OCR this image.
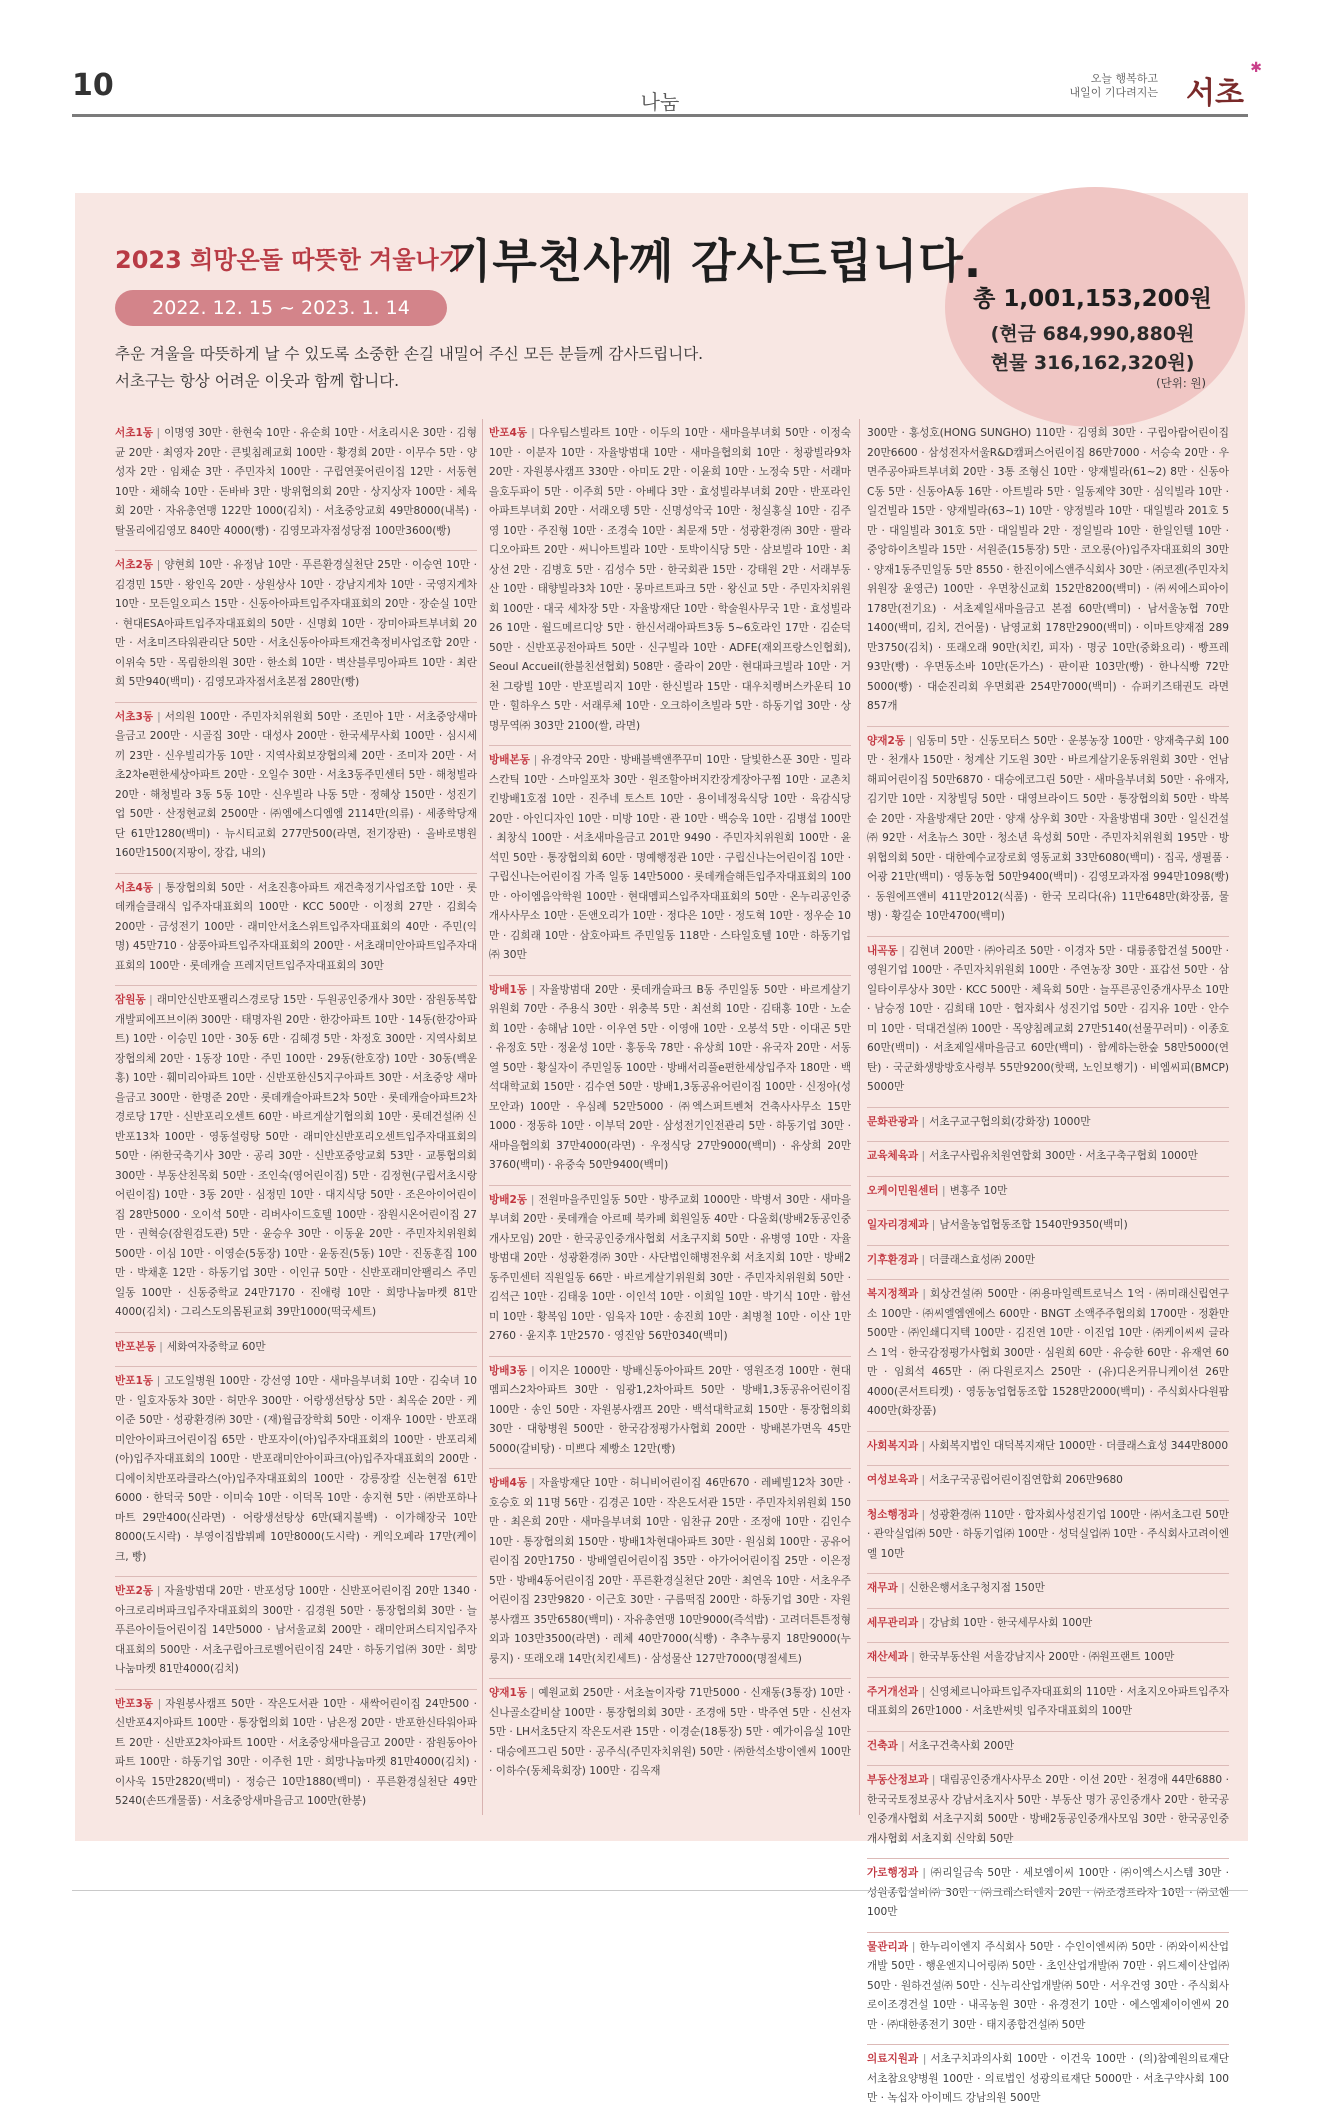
10	나눔
오늘 행복하고
내일이 기다려지는 서초
✱
2023 희망온돌 따뜻한 겨울나기
기부천사께 감사드립니다.
2022. 12. 15 ~ 2023. 1. 14
추운 겨울을 따뜻하게 날 수 있도록 소중한 손길 내밀어 주신 모든 분들께 감사드립니다.
서초구는 항상 어려운 이웃과 함께 합니다.
총 1,001,153,200원
(현금 684,990,880원
현물 316,162,320원)
(단위: 원)
서초1동 | 이명영 30만 · 한현숙 10만 · 유순희 10만 · 서초리시온 30만 · 김형균 20만 · 최영자 20만 · 큰빛침례교회 100만 · 황경희 20만 · 이무수 5만 · 양성자 2만 · 임채순 3만 · 주민자치 100만 · 구립연꽃어린이집 12만 · 서동현 10만 · 채해숙 10만 · 돈바바 3만 · 방위협의회 20만 · 상지상자 100만 · 체육회 20만 · 자유총연맹 122만 1000(김치) · 서초중앙교회 49만8000(내복) · 탈몰리에김영모 840만 4000(빵) · 김영모과자점성당점 100만3600(빵)
서초2동 | 양현희 10만 · 유정남 10만 · 푸른환경실천단 25만 · 이승연 10만 · 김경민 15만 · 왕인옥 20만 · 상원상사 10만 · 강남지게차 10만 · 국영지게차 10만 · 모든일오피스 15만 · 신동아아파트입주자대표회의 20만 · 장순실 10만 · 현대ESA아파트입주자대표회의 50만 · 신명회 10만 · 장미아파트부녀회 20만 · 서초미즈타워관리단 50만 · 서초신동아아파트재건축정비사업조합 20만 · 이위숙 5만 · 목림한의원 30만 · 한소희 10만 · 벽산블루밍아파트 10만 · 최란희 5만940(백미) · 김영모과자점서초본점 280만(빵)
서초3동 | 서의원 100만 · 주민자치위원회 50만 · 조민아 1만 · 서초중앙새마을금고 200만 · 시골집 30만 · 대성사 200만 · 한국세무사회 100만 · 심시세끼 23만 · 신우빌리가동 10만 · 지역사회보장협의체 20만 · 조미자 20만 · 서초2차e편한세상아파트 20만 · 오일수 30만 · 서초3동주민센터 5만 · 해청빌라 20만 · 해청빌라 3동 5동 10만 · 신우빌라 나동 5만 · 정혜상 150만 · 성진기업 50만 · 산정현교회 2500만 · ㈜엠에스디엠엠 2114만(의류) · 세종학당재단 61만1280(백미) · 뉴시티교회 277만500(라면, 전기장판) · 올바로병원 160만1500(지팡이, 장갑, 내의)
서초4동 | 통장협의회 50만 · 서초진흥아파트 재건축정기사업조합 10만 · 롯데캐슬클래식 입주자대표회의 100만 · KCC 500만 · 이정희 27만 · 김희숙 200만 · 금성전기 100만 · 래미안서초스위트입주자대표회의 40만 · 주민(익명) 45만710 · 삼풍아파트입주자대표회의 200만 · 서초래미안아파트입주자대표회의 100만 · 롯데캐슬 프레지던트입주자대표회의 30만
잠원동 | 래미안신반포팰리스경로당 15만 · 두원공인중개사 30만 · 잠원동복합개발피에프브이㈜ 300만 · 태명자원 20만 · 한강아파트 10만 · 14동(한강아파트) 10만 · 이승민 10만 · 30동 6만 · 김혜경 5만 · 차정호 300만 · 지역사회보장협의체 20만 · 1동장 10만 · 주민 100만 · 29동(한호장) 10만 · 30동(백운홍) 10만 · 훼미리아파트 10만 · 신반포한신5지구아파트 30만 · 서초중앙 새마을금고 300만 · 한명준 20만 · 롯데캐슬아파트2차 50만 · 롯데캐슬아파트2차 경로당 17만 · 신반포리오센트 60만 · 바르게살기협의회 10만 · 롯데건설㈜ 신반포13차 100만 · 영동설렁탕 50만 · 래미안신반포리오센트입주자대표회의 50만 · ㈜한국축기사 30만 · 공리 30만 · 신반포중앙교회 53만 · 교통협의회 300만 · 부동산친목회 50만 · 조인숙(영어린이집) 5만 · 김정현(구립서초시랑어린이집) 10만 · 3동 20만 · 심정민 10만 · 대지식당 50만 · 조은아이어린이집 28만5000 · 오이석 50만 · 리버사이드호텔 100만 · 잠원시온어린이집 27만 · 권혁승(잠원검도관) 5만 · 윤승우 30만 · 이동윤 20만 · 주민자치위원회 500만 · 이심 10만 · 이영순(5동장) 10만 · 윤동진(5동) 10만 · 진동훈집 100만 · 박채훈 12만 · 하동기업 30만 · 이인규 50만 · 신반포래미안팰리스 주민 일동 100만 · 신동중학교 24만7170 · 진애령 10만 · 희망나눔마켓 81만4000(김치) · 그리스도의몸된교회 39만1000(떡국세트)
반포본동 | 세화여자중학교 60만
반포1동 | 고도일병원 100만 · 강선영 10만 · 새마을부녀회 10만 · 김숙녀 10만 · 일호자동차 30만 · 허만우 300만 · 어랑생선탕상 5만 · 최옥순 20만 · 케이준 50만 · 성광환경㈜ 30만 · (재)월급장학회 50만 · 이재우 100만 · 반포래미안아이파크어린이집 65만 · 반포자이(아)입주자대표회의 100만 · 반포리체(아)입주자대표회의 100만 · 반포래미안아이파크(아)입주자대표회의 200만 · 디에이치반포라클라스(아)입주자대표회의 100만 · 강릉장칼 신논현점 61만6000 · 한덕국 50만 · 이미숙 10만 · 이덕목 10만 · 송지현 5만 · ㈜반포하나마트 29만400(신라면) · 어랑생선탕상 6만(돼지불백) · 이가해장국 10만8000(도시락) · 부영이집밥뷔페 10만8000(도시락) · 케익오페라 17만(케이크, 빵)
반포2동 | 자율방범대 20만 · 반포성당 100만 · 신반포어린이집 20만 1340 · 아크로리버파크입주자대표회의 300만 · 김경원 50만 · 통장협의회 30만 · 늘푸른아이들어린이집 14만5000 · 남서울교회 200만 · 래미안퍼스티지입주자대표회의 500만 · 서초구립아크로벨어린이집 24만 · 하동기업㈜ 30만 · 희망나눔마켓 81만4000(김치)
반포3동 | 자원봉사캠프 50만 · 작은도서관 10만 · 새싹어린이집 24만500 · 신반포4지아파트 100만 · 통장협의회 10만 · 남은정 20만 · 반포한신타워아파트 20만 · 신반포2차아파트 100만 · 서초중앙새마을금고 200만 · 잠원동아아파트 100만 · 하동기업 30만 · 이주헌 1만 · 희망나눔마켓 81만4000(김치) · 이사욱 15만2820(백미) · 정승근 10만1880(백미) · 푸른환경실천단 49만5240(손뜨개물품) · 서초중앙새마을금고 100만(한봉)
반포4동 | 다우팀스빌라트 10만 · 이두의 10만 · 새마을부녀회 50만 · 이정숙 10만 · 이분자 10만 · 자율방범대 10만 · 새마을협의회 10만 · 청광빌라9차 20만 · 자원봉사캠프 330만 · 아미도 2만 · 이윤희 10만 · 노정숙 5만 · 서래마을호두파이 5만 · 이주희 5만 · 아베다 3만 · 효성빌라부녀회 20만 · 반포라인아파트부녀회 20만 · 서래오뎅 5만 · 신명성악국 10만 · 청실홍실 10만 · 김주영 10만 · 주진형 10만 · 조경숙 10만 · 최문재 5만 · 성광환경㈜ 30만 · 팔라디오아파트 20만 · 써니아트빌라 10만 · 토박이식당 5만 · 삼보빌라 10만 · 최상선 2만 · 김병호 5만 · 김성수 5만 · 한국회관 15만 · 강태원 2만 · 서래부동산 10만 · 태향빌라3차 10만 · 몽마르트파크 5만 · 왕신교 5만 · 주민자치위원회 100만 · 대국 세차장 5만 · 자율방재단 10만 · 학술원사무국 1만 · 효성빌라26 10만 · 월드메르디앙 5만 · 한신서래아파트3동 5~6호라인 17만 · 김순덕 50만 · 신반포공전아파트 50만 · 신구빌라 10만 · ADFE(재외프랑스인협회), Seoul Accueil(한불친선협회) 508만 · 줄라이 20만 · 현대파크빌라 10만 · 거천 그랑빌 10만 · 반포빌리지 10만 · 한신빌라 15만 · 대우치렝버스카운티 10만 · 힐하우스 5만 · 서래루체 10만 · 오크하이츠빌라 5만 · 하동기업 30만 · 상명무역㈜ 303만 2100(쌀, 라면)
방배본동 | 유경약국 20만 · 방배블백앤쭈꾸미 10만 · 달빛한스푼 30만 · 밀라스칸틱 10만 · 스마일포차 30만 · 원조할아버지칸장게장아구찜 10만 · 교촌치킨방배1호점 10만 · 진주네 토스트 10만 · 용이네정육식당 10만 · 육감식당 20만 · 아인디자인 10만 · 미방 10만 · 관 10만 · 백승욱 10만 · 김병섭 100만 · 최창식 100만 · 서초새마을금고 201만 9490 · 주민자치위원회 100만 · 윤석민 50만 · 통장협의회 60만 · 명예행정관 10만 · 구립신나는어린이집 10만 · 구립신나는어린이집 가족 일동 14만5000 · 롯데캐슬해든입주자대표회의 100만 · 아이엠음악학원 100만 · 현대멤피스입주자대표회의 50만 · 온누리공인중개사사무소 10만 · 돈앤오리가 10만 · 정다은 10만 · 정도혁 10만 · 정우순 10만 · 김희래 10만 · 삼호아파트 주민일동 118만 · 스타일호텔 10만 · 하동기업㈜ 30만
방배1동 | 자율방범대 20만 · 롯데캐슬파크 B동 주민일동 50만 · 바르게살기 위원회 70만 · 주용식 30만 · 위충복 5만 · 최선희 10만 · 김태홍 10만 · 노순희 10만 · 송해남 10만 · 이우연 5만 · 이영애 10만 · 오봉석 5만 · 이대곤 5만 · 유정호 5만 · 정윤성 10만 · 홍동욱 78만 · 유상희 10만 · 유국자 20만 · 서동열 50만 · 황실자이 주민일동 100만 · 방배서리풀e편한세상입주자 180만 · 백석대학교회 150만 · 김수연 50만 · 방배1,3동공유어린이집 100만 · 신정아(성모안과) 100만 · 우심례 52만5000 · ㈜엑스퍼트벤처 건축사사무소 15만1000 · 정동하 10만 · 이부덕 20만 · 삼성전기인전관리 5만 · 하동기업 30만 · 새마을협의회 37만4000(라면) · 우정식당 27만9000(백미) · 유상희 20만3760(백미) · 유중숙 50만9400(백미)
방배2동 | 전원마을주민일동 50만 · 방주교회 1000만 · 박병서 30만 · 새마을부녀회 20만 · 롯데캐슬 아르떼 북카페 회원일동 40만 · 다올회(방배2동공인중개사모임) 20만 · 한국공인중개사협회 서초구지회 50만 · 유병영 10만 · 자율방범대 20만 · 성광환경㈜ 30만 · 사단법인해병전우회 서초지회 10만 · 방배2동주민센터 직원일동 66만 · 바르게살기위원회 30만 · 주민자치위원회 50만 · 김석근 10만 · 김태웅 10만 · 이인석 10만 · 이희일 10만 · 박기식 10만 · 함선미 10만 · 황복임 10만 · 임육자 10만 · 송진희 10만 · 최병철 10만 · 이산 1만2760 · 윤지후 1만2570 · 영진암 56만0340(백미)
방배3동 | 이지은 1000만 · 방배신동아아파트 20만 · 영원조경 100만 · 현대멤피스2차아파트 30만 · 임광1,2차아파트 50만 · 방배1,3동공유어린이집 100만 · 송인 50만 · 자원봉사캠프 20만 · 백석대학교회 150만 · 통장협의회 30만 · 대항병원 500만 · 한국감정평가사협회 200만 · 방배본가면옥 45만5000(갈비탕) · 미쁘다 제빵소 12만(빵)
방배4동 | 자율방재단 10만 · 허니비어린이집 46만670 · 레베빌12차 30만 · 호승호 외 11명 56만 · 김경곤 10만 · 작은도서관 15만 · 주민자치위원회 150만 · 최은희 20만 · 새마을부녀회 10만 · 임찬규 20만 · 조정애 10만 · 김인수 10만 · 통장협의회 150만 · 방배1차현대아파트 30만 · 원심회 100만 · 공유어린이집 20만1750 · 방배열린어린이집 35만 · 아가어어린이집 25만 · 이은정 5만 · 방배4동어린이집 20만 · 푸른환경실천단 20만 · 최연옥 10만 · 서초우주어린이집 23만9820 · 이근호 30만 · 구름떡집 200만 · 하동기업 30만 · 자원봉사캠프 35만6580(백미) · 자유총연맹 10만9000(즉석밥) · 고려더튼튼정형외과 103만3500(라면) · 레체 40만7000(식빵) · 추추누룽지 18만9000(누룽지) · 또래오래 14만(치킨세트) · 삼성물산 127만7000(명절세트)
양재1동 | 예원교회 250만 · 서초놀이자랑 71만5000 · 신재동(3통장) 10만 · 신나골소갈비살 100만 · 통장협의회 30만 · 조경애 5만 · 박주연 5만 · 신선자 5만 · LH서초5단지 작은도서관 15만 · 이경순(18통장) 5만 · 예가이음실 10만 · 대승에프그린 50만 · 공주식(주민자치위원) 50만 · ㈜한석소방이엔씨 100만 · 이하수(동체육회장) 100만 · 김옥재
300만 · 홍성호(HONG SUNGHO) 110만 · 김영희 30만 · 구립아람어린이집 20만6600 · 삼성전자서울R&D캠퍼스어린이집 86만7000 · 서승숙 20만 · 우면주공아파트부녀회 20만 · 3통 조형신 10만 · 양재빌라(61~2) 8만 · 신동아C동 5만 · 신동아A동 16만 · 아트빌라 5만 · 일동제약 30만 · 심익빌라 10만 · 일건빌라 15만 · 양재빌라(63~1) 10만 · 양정빌라 10만 · 대일빌라 201호 5만 · 대일빌라 301호 5만 · 대일빌라 2만 · 정일빌라 10만 · 한일인텔 10만 · 중앙하이츠빌라 15만 · 서원준(15통장) 5만 · 코오롱(아)입주자대표회의 30만 · 양재1동주민일동 5만 8550 · 한진이에스앤주식회사 30만 · ㈜코젠(주민자치위원장 윤영근) 100만 · 우면창신교회 152만8200(백미) · ㈜씨에스피아이 178만(전기요) · 서초제일새마을금고 본점 60만(백미) · 남서울농협 70만1400(백미, 김치, 건어물) · 남영교회 178만2900(백미) · 이마트양재점 289만3750(김치) · 또래오래 90만(치킨, 피자) · 명궁 10만(중화요리) · 빵프레 93만(빵) · 우면동소바 10만(돈가스) · 판이판 103만(빵) · 한나식빵 72만5000(빵) · 대순진리회 우면회관 254만7000(백미) · 슈퍼키즈태권도 라면 857개
양재2동 | 임동미 5만 · 신동모터스 50만 · 운봉농장 100만 · 양재축구회 100만 · 천개사 150만 · 청계산 기도원 30만 · 바르게살기운동위원회 30만 · 언남해피어린이집 50만6870 · 대승에코그린 50만 · 새마을부녀회 50만 · 유애자, 김기만 10만 · 지창빌딩 50만 · 대영브라이드 50만 · 통장협의회 50만 · 박복순 20만 · 자율방재단 20만 · 양재 상우회 30만 · 자율방범대 30만 · 일신건설㈜ 92만 · 서초뉴스 30만 · 청소년 육성회 50만 · 주민자치위원회 195만 · 방위협의회 50만 · 대한예수교장로회 영동교회 33만6080(백미) · 집곡, 생필품 · 어광 21만(백미) · 영동농협 50만9400(백미) · 김영모과자점 994만1098(빵) · 동원에프앤비 411만2012(식품) · 한국 모리다(유) 11만648만(화장품, 물병) · 황길순 10만4700(백미)
내곡동 | 김현녀 200만 · ㈜아리조 50만 · 이경자 5만 · 대륭종합건설 500만 · 영원기업 100만 · 주민자치위원회 100만 · 주연농장 30만 · 표갑선 50만 · 삼일타이루상사 30만 · KCC 500만 · 체육회 50만 · 늘푸른공인중개사무소 10만 · 남승정 10만 · 김희태 10만 · 협자회사 성진기업 50만 · 김지유 10만 · 안수미 10만 · 덕대건설㈜ 100만 · 목양침례교회 27만5140(선물꾸러미) · 이종호 60만(백미) · 서초제일새마을금고 60만(백미) · 함께하는한숲 58만5000(연탄) · 국군화생방방호사령부 55만9200(핫팩, 노인보행기) · 비엠씨피(BMCP) 5000만
문화관광과 | 서초구교구협의회(강화장) 1000만
교육체육과 | 서초구사립유치원연합회 300만 · 서초구축구협회 1000만
오케이민원센터 | 변홍주 10만
일자리경제과 | 남서울농업협동조합 1540만9350(백미)
기후환경과 | 더클래스효성㈜ 200만
복지정책과 | 회상건설㈜ 500만 · ㈜용마일렉트로닉스 1억 · ㈜미래신립연구소 100만 · ㈜씨엘엠엔에스 600만 · BNGT 소액주주협의회 1700만 · 정환만 500만 · ㈜인쇄디지텍 100만 · 김진연 10만 · 이진업 10만 · ㈜케이씨씨 글라스 1억 · 한국감정평가사협회 300만 · 심원희 60만 · 유승한 60만 · 유재연 60만 · 임희석 465만 · ㈜다원로지스 250만 · (유)디온커뮤니케이션 26만4000(콘서트티켓) · 영동농업협동조합 1528만2000(백미) · 주식회사다원팜 400만(화장품)
사회복지과 | 사회복지법인 대덕복지재단 1000만 · 더클래스효성 344만8000
여성보육과 | 서초구국공립어린이집연합회 206만9680
청소행정과 | 성광환경㈜ 110만 · 합자회사성진기업 100만 · ㈜서초그린 50만 · 관악실업㈜ 50만 · 하동기업㈜ 100만 · 성덕실업㈜ 10만 · 주식회사고려이엔엘 10만
재무과 | 신한은행서초구청지점 150만
세무관리과 | 강남희 10만 · 한국세무사회 100만
재산세과 | 한국부동산원 서울강남지사 200만 · ㈜원프랜트 100만
주거개선과 | 신영체르니아파트입주자대표회의 110만 · 서초지오아파트입주자대표회의 26만1000 · 서초반써빗 입주자대표회의 100만
건축과 | 서초구건축사회 200만
부동산정보과 | 대림공인중개사사무소 20만 · 이선 20만 · 천경애 44만6880 · 한국국토정보공사 강남서초지사 50만 · 부동산 명가 공인중개사 20만 · 한국공인중개사협회 서초구지회 500만 · 방배2동공인중개사모임 30만 · 한국공인중개사협회 서초지회 신악회 50만
가로행정과 | ㈜리일금속 50만 · 세보엠이씨 100만 · ㈜이엑스시스템 30만 · 성원종합설비㈜ 30만 · ㈜크레스터엔지 20만 · ㈜조경프라자 10만 · ㈜코헨 100만
물관리과 | 한누리이엔지 주식회사 50만 · 수인이엔씨㈜ 50만 · ㈜와이씨산업개발 50만 · 행운엔지니어링㈜ 50만 · 초인산업개발㈜ 70만 · 위드제이산업㈜ 50만 · 원하건설㈜ 50만 · 신누리산업개발㈜ 50만 · 서우건영 30만 · 주식회사 로이조경건설 10만 · 내곡농원 30만 · 유경전기 10만 · 에스엠제이이엔씨 20만 · ㈜대한종전기 30만 · 태지종합건설㈜ 50만
의료지원과 | 서초구치과의사회 100만 · 이건욱 100만 · (의)참예원의료재단 서초참요양병원 100만 · 의료법인 성광의료재단 5000만 · 서초구약사회 100만 · 녹십자 아이메드 강남의원 500만
